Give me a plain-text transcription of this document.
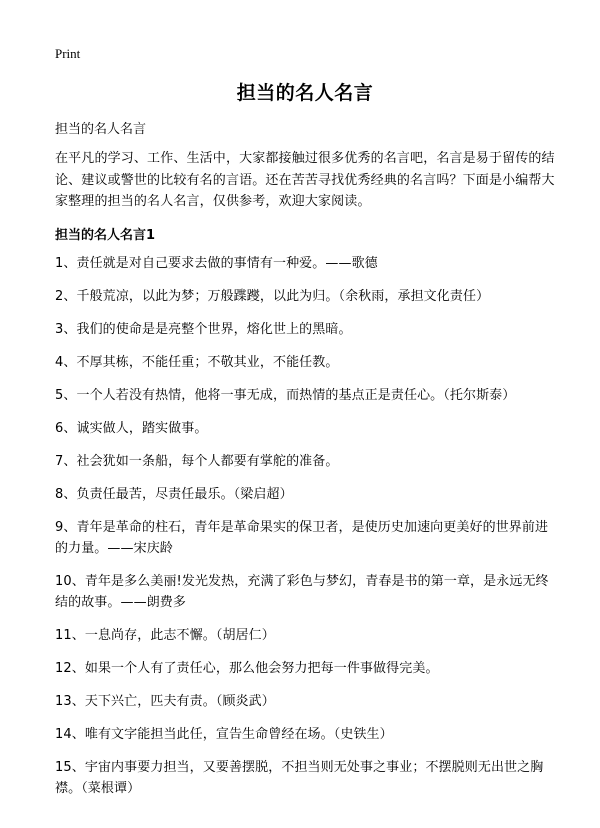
Print
担当的名人名言

担当的名人名言

在平凡的学习、工作、生活中，大家都接触过很多优秀的名言吧，名言是易于留传的结论、建议或警世的比较有名的言语。还在苦苦寻找优秀经典的名言吗？下面是小编帮大家整理的担当的名人名言，仅供参考，欢迎大家阅读。

担当的名人名言1
1、责任就是对自己要求去做的事情有一种爱。——歌德
2、千般荒凉，以此为梦；万般蹀躞，以此为归。（余秋雨，承担文化责任）
3、我们的使命是是亮整个世界，熔化世上的黑暗。
4、不厚其栋，不能任重；不敬其业，不能任教。
5、一个人若没有热情，他将一事无成，而热情的基点正是责任心。（托尔斯泰）
6、诚实做人，踏实做事。
7、社会犹如一条船，每个人都要有掌舵的准备。
8、负责任最苦，尽责任最乐。（梁启超）
9、青年是革命的柱石，青年是革命果实的保卫者，是使历史加速向更美好的世界前进的力量。——宋庆龄
10、青年是多么美丽!发光发热，充满了彩色与梦幻，青春是书的第一章，是永远无终结的故事。——朗费多
11、一息尚存，此志不懈。（胡居仁）
12、如果一个人有了责任心，那么他会努力把每一件事做得完美。
13、天下兴亡，匹夫有责。（顾炎武）
14、唯有文字能担当此任，宣告生命曾经在场。（史铁生）
15、宇宙内事要力担当，又要善摆脱，不担当则无处事之事业；不摆脱则无出世之胸襟。（菜根谭）
